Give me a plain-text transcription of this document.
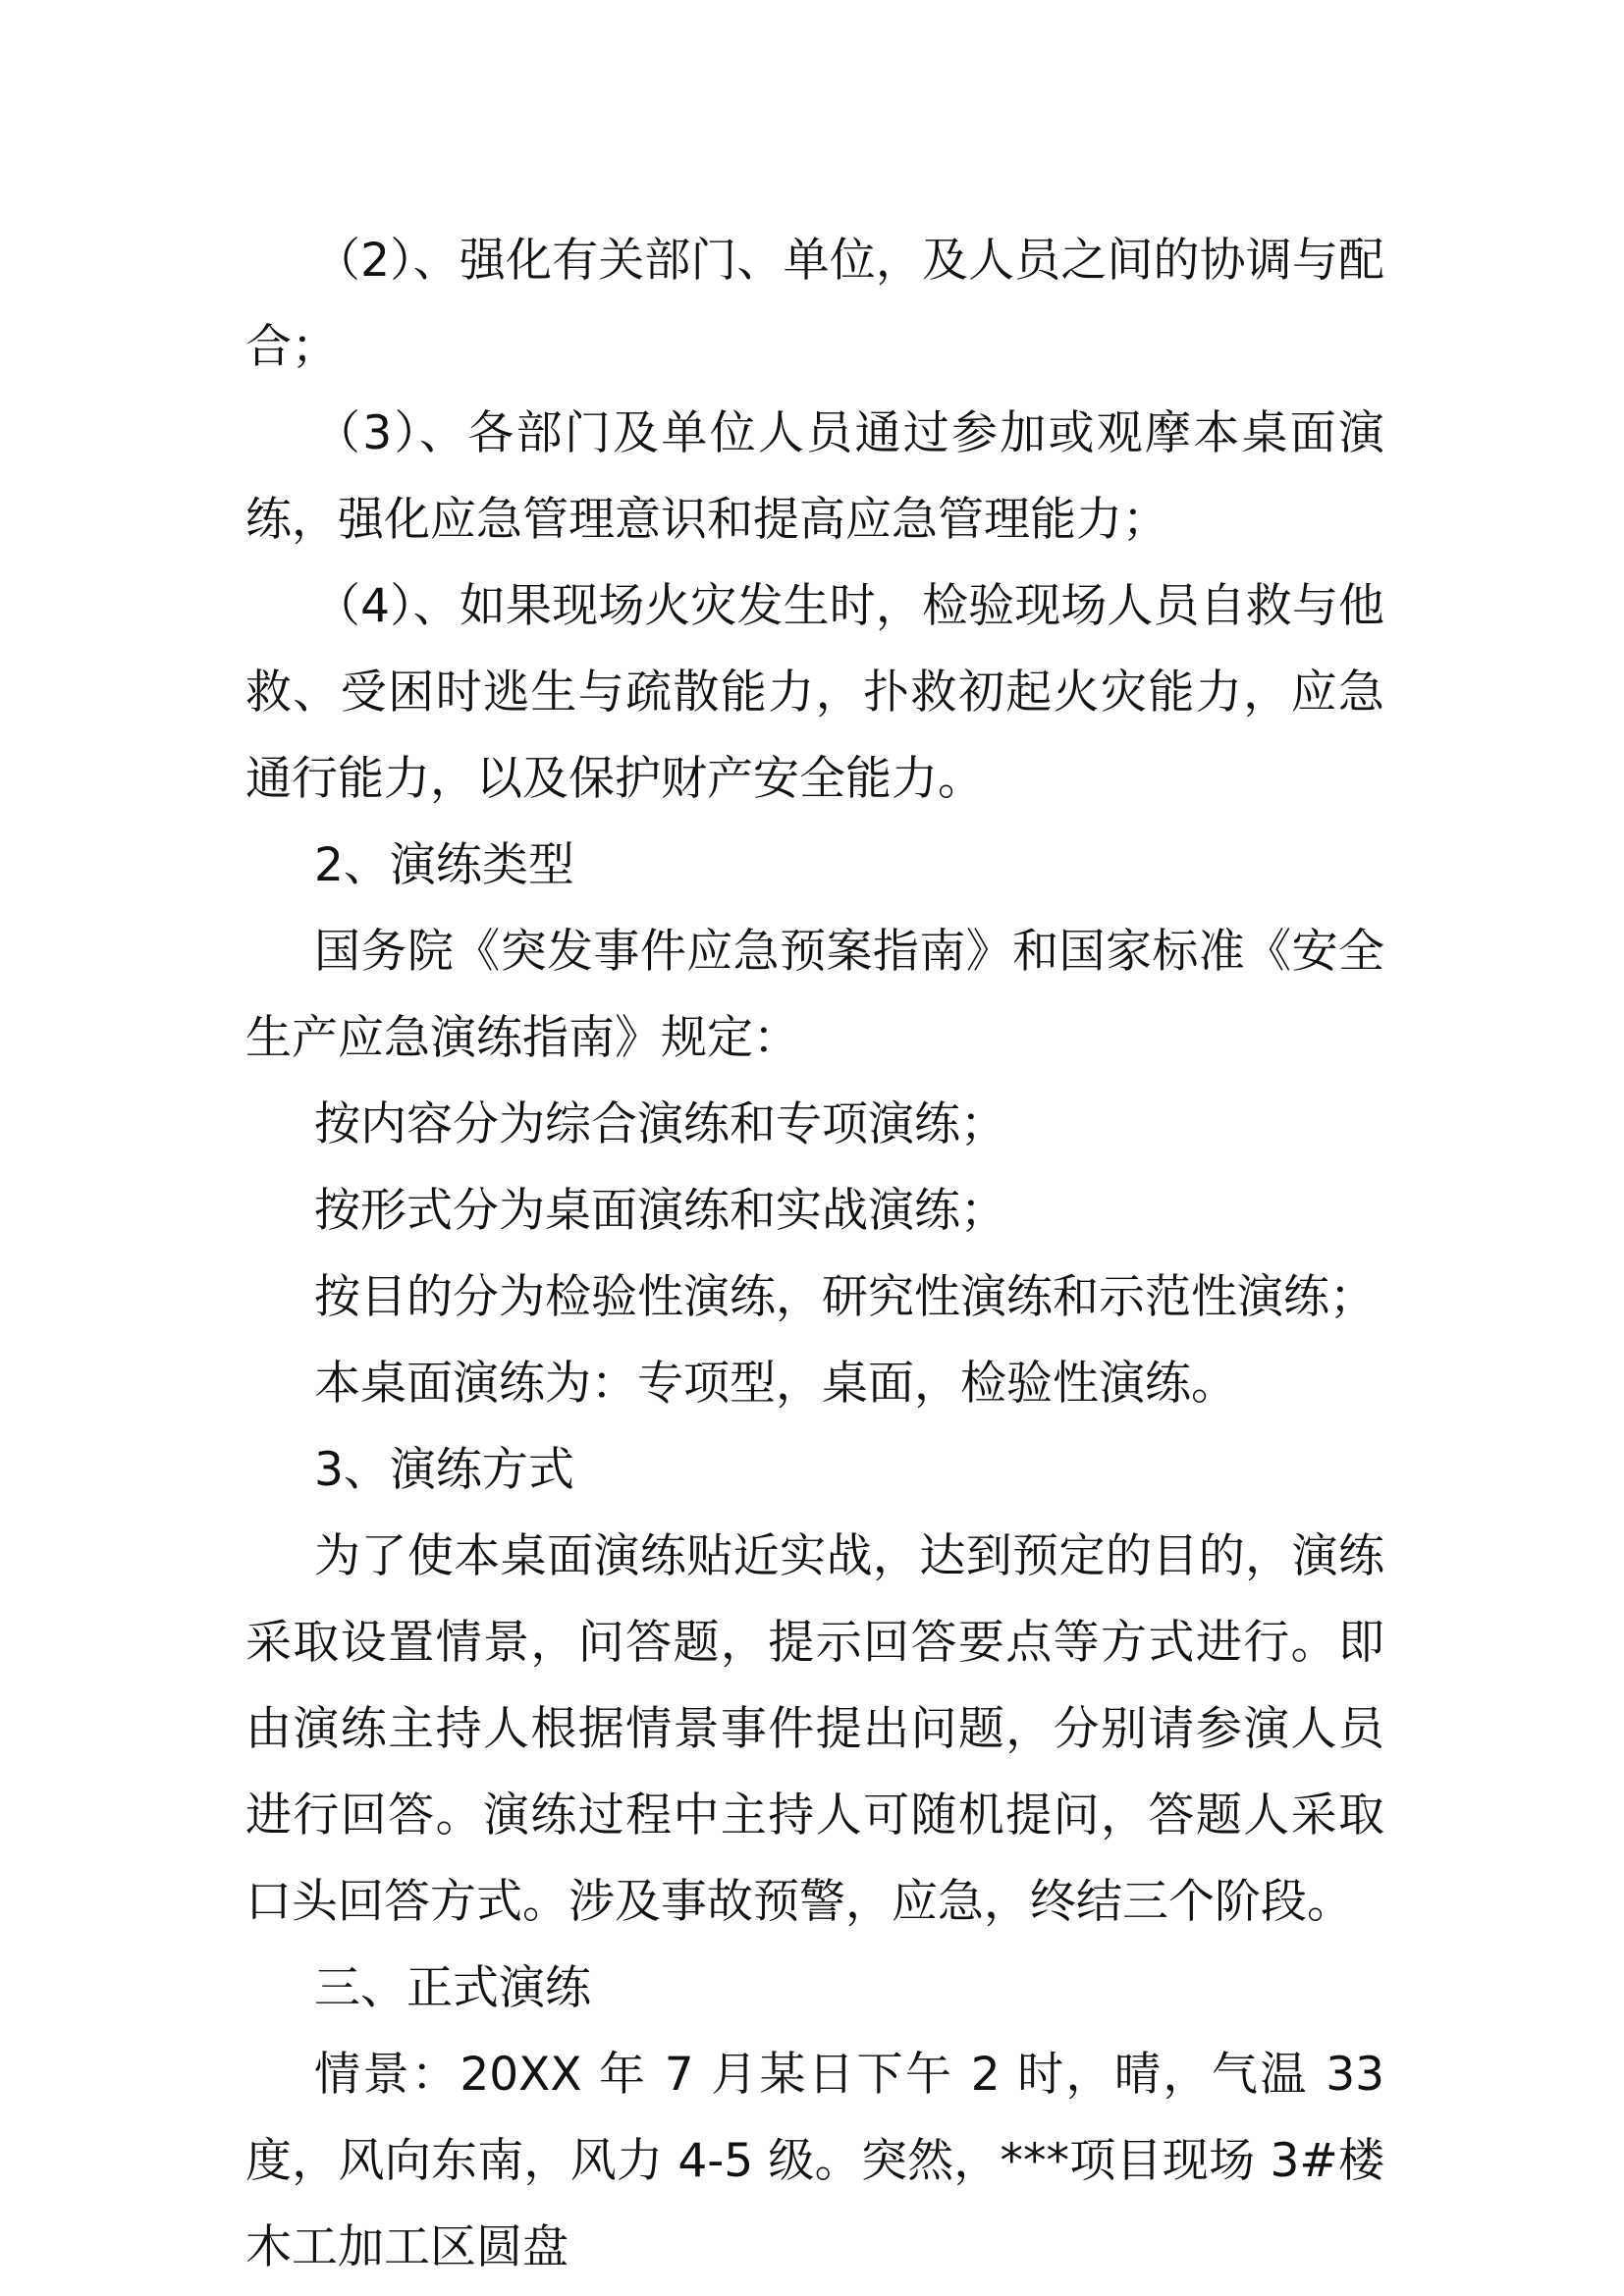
（2）、强化有关部门、单位，及人员之间的协调与配合；

（3）、各部门及单位人员通过参加或观摩本桌面演练，强化应急管理意识和提高应急管理能力；

（4）、如果现场火灾发生时，检验现场人员自救与他救、受困时逃生与疏散能力，扑救初起火灾能力，应急通行能力，以及保护财产安全能力。

2、演练类型

国务院《突发事件应急预案指南》和国家标准《安全生产应急演练指南》规定：

按内容分为综合演练和专项演练；

按形式分为桌面演练和实战演练；

按目的分为检验性演练，研究性演练和示范性演练；

本桌面演练为：专项型，桌面，检验性演练。

3、演练方式

为了使本桌面演练贴近实战，达到预定的目的，演练采取设置情景，问答题，提示回答要点等方式进行。即由演练主持人根据情景事件提出问题，分别请参演人员进行回答。演练过程中主持人可随机提问，答题人采取口头回答方式。涉及事故预警，应急，终结三个阶段。

三、正式演练

情景：20XX 年 7 月某日下午 2 时，晴，气温 33 度，风向东南，风力 4-5 级。突然，***项目现场 3#楼木工加工区圆盘
